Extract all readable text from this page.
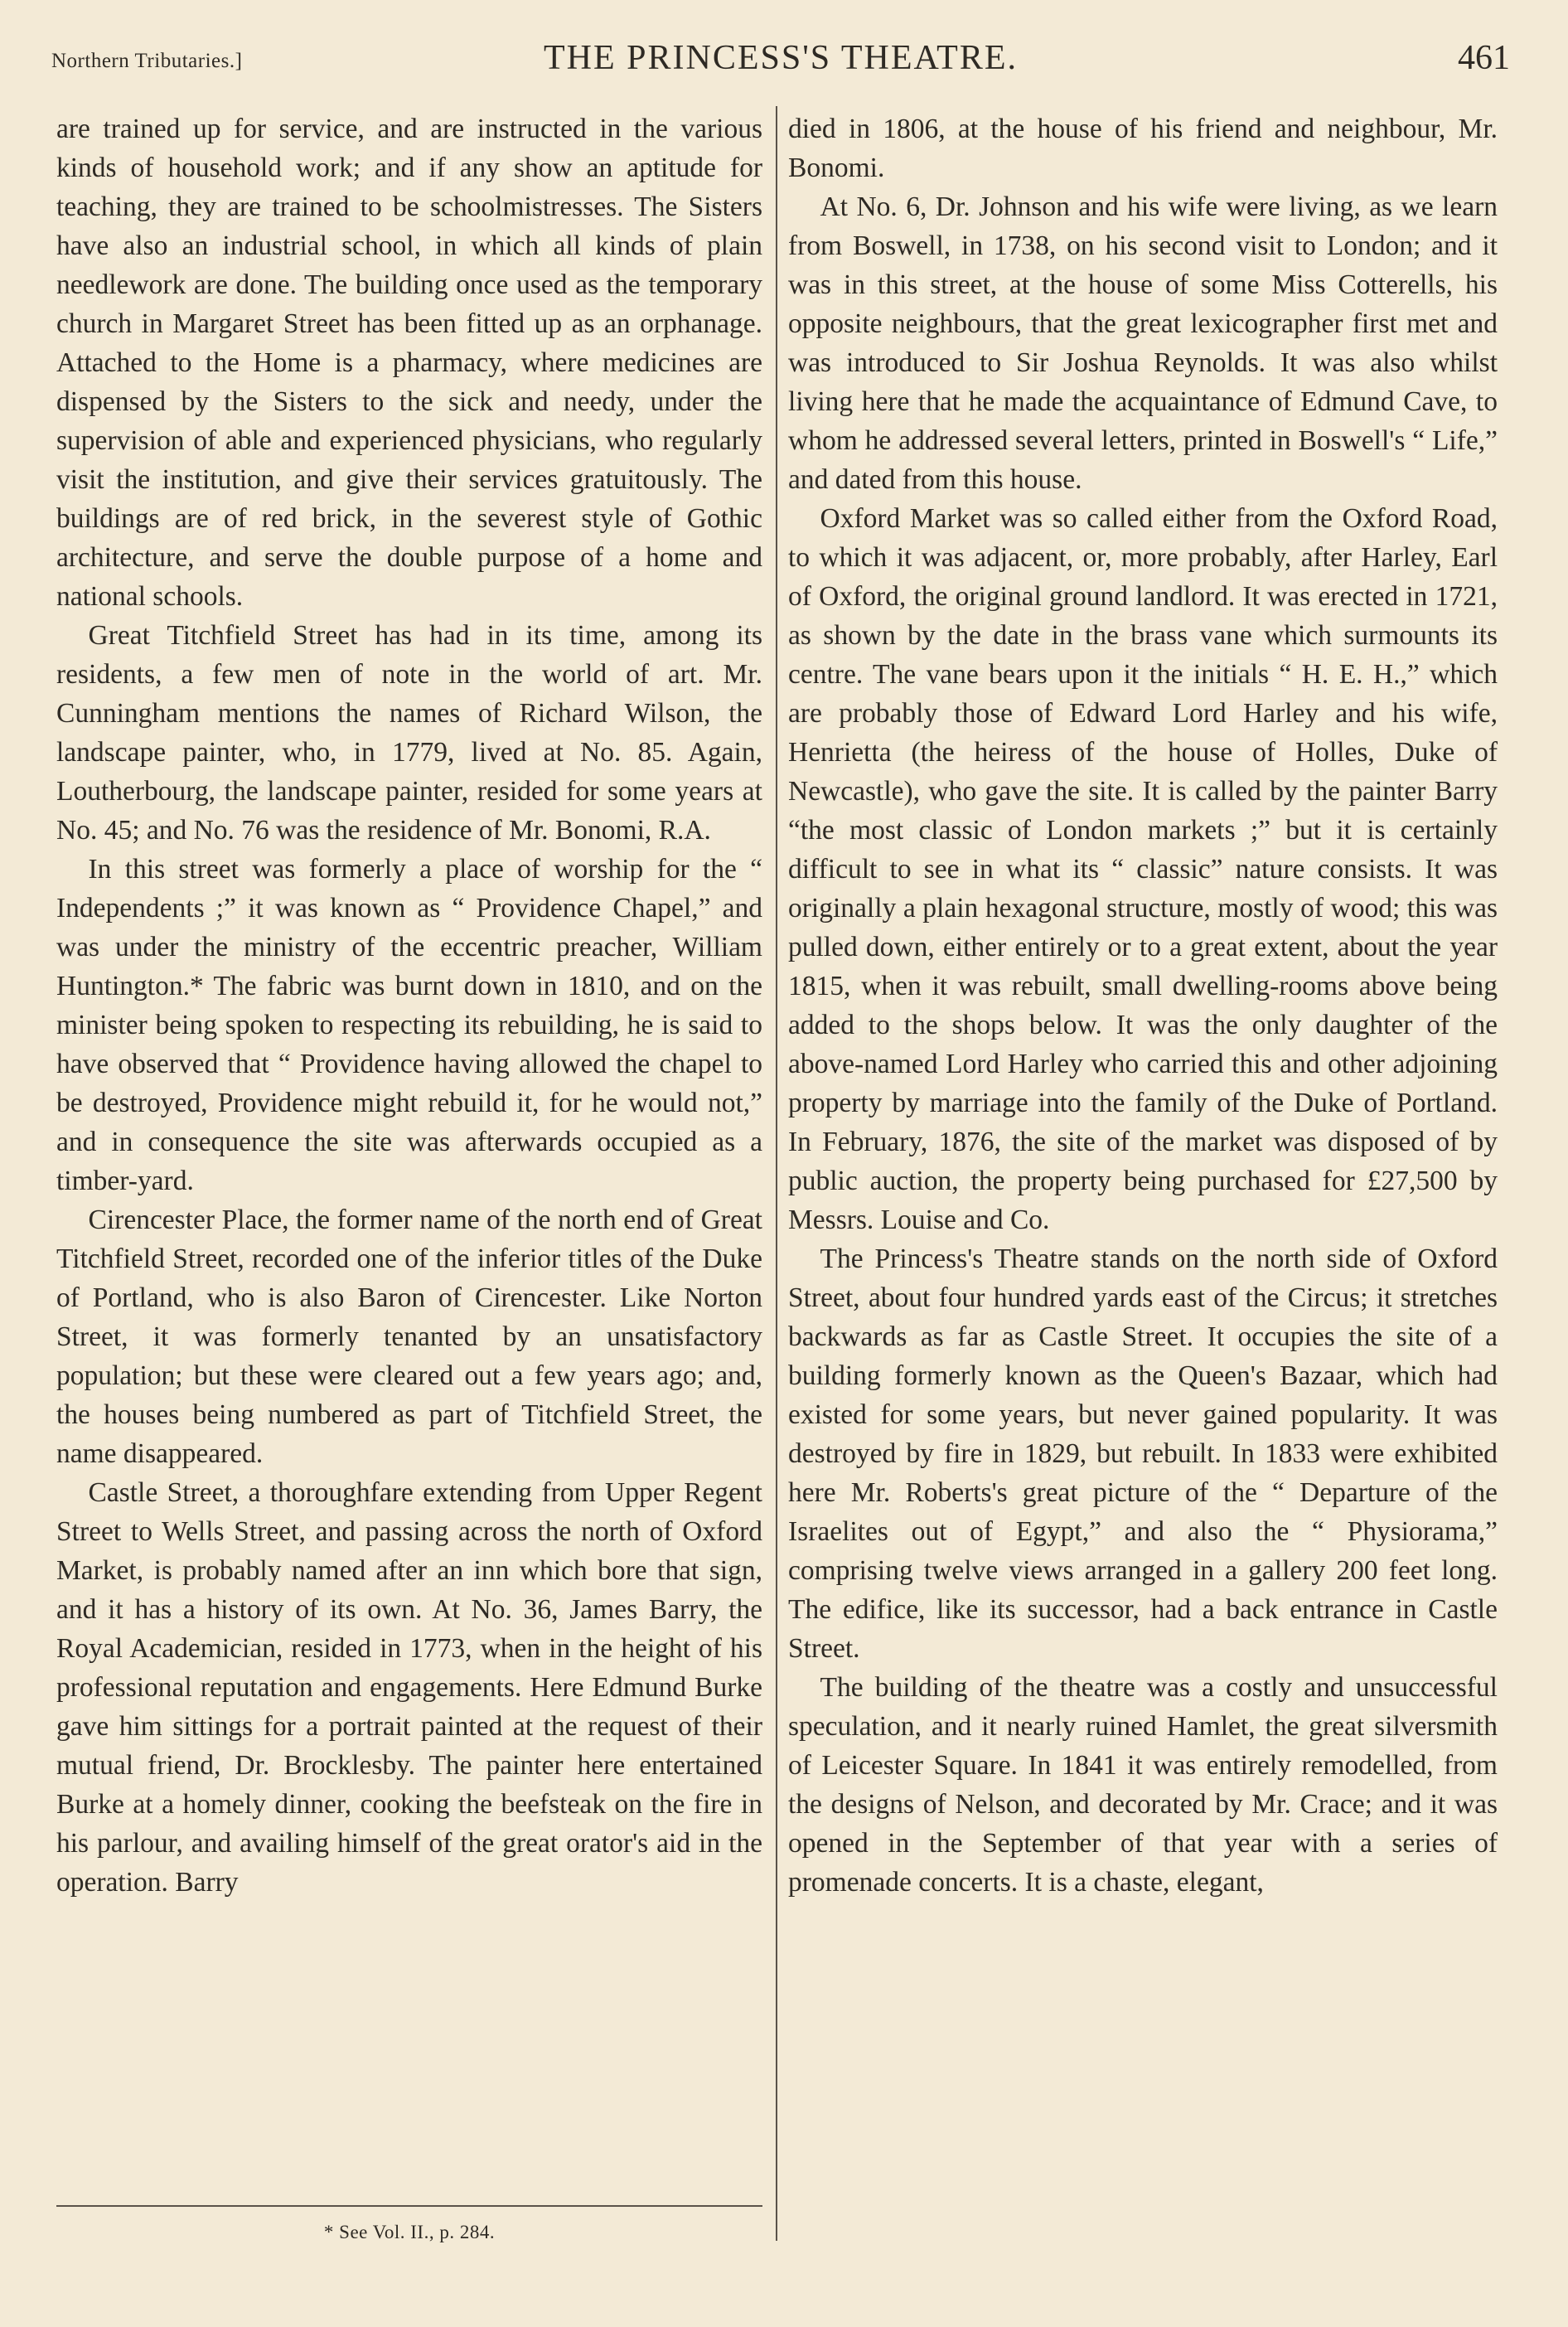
Northern Tributaries.]	THE PRINCESS'S THEATRE.	461

are trained up for service, and are instructed in the various kinds of household work; and if any show an aptitude for teaching, they are trained to be schoolmistresses. The Sisters have also an industrial school, in which all kinds of plain needlework are done. The building once used as the temporary church in Margaret Street has been fitted up as an orphanage. Attached to the Home is a pharmacy, where medicines are dispensed by the Sisters to the sick and needy, under the supervision of able and experienced physicians, who regularly visit the institution, and give their services gratuitously. The buildings are of red brick, in the severest style of Gothic architecture, and serve the double purpose of a home and national schools.

Great Titchfield Street has had in its time, among its residents, a few men of note in the world of art. Mr. Cunningham mentions the names of Richard Wilson, the landscape painter, who, in 1779, lived at No. 85. Again, Loutherbourg, the landscape painter, resided for some years at No. 45; and No. 76 was the residence of Mr. Bonomi, R.A.

In this street was formerly a place of worship for the “ Independents ;” it was known as “ Providence Chapel,” and was under the ministry of the eccentric preacher, William Huntington.* The fabric was burnt down in 1810, and on the minister being spoken to respecting its rebuilding, he is said to have observed that “ Providence having allowed the chapel to be destroyed, Providence might rebuild it, for he would not,” and in consequence the site was afterwards occupied as a timber-yard.

Cirencester Place, the former name of the north end of Great Titchfield Street, recorded one of the inferior titles of the Duke of Portland, who is also Baron of Cirencester. Like Norton Street, it was formerly tenanted by an unsatisfactory population; but these were cleared out a few years ago; and, the houses being numbered as part of Titchfield Street, the name disappeared.

Castle Street, a thoroughfare extending from Upper Regent Street to Wells Street, and passing across the north of Oxford Market, is probably named after an inn which bore that sign, and it has a history of its own. At No. 36, James Barry, the Royal Academician, resided in 1773, when in the height of his professional reputation and engagements. Here Edmund Burke gave him sittings for a portrait painted at the request of their mutual friend, Dr. Brocklesby. The painter here entertained Burke at a homely dinner, cooking the beefsteak on the fire in his parlour, and availing himself of the great orator's aid in the operation. Barry

died in 1806, at the house of his friend and neighbour, Mr. Bonomi.

At No. 6, Dr. Johnson and his wife were living, as we learn from Boswell, in 1738, on his second visit to London; and it was in this street, at the house of some Miss Cotterells, his opposite neighbours, that the great lexicographer first met and was introduced to Sir Joshua Reynolds. It was also whilst living here that he made the acquaintance of Edmund Cave, to whom he addressed several letters, printed in Boswell's “ Life,” and dated from this house.

Oxford Market was so called either from the Oxford Road, to which it was adjacent, or, more probably, after Harley, Earl of Oxford, the original ground landlord. It was erected in 1721, as shown by the date in the brass vane which surmounts its centre. The vane bears upon it the initials “ H. E. H.,” which are probably those of Edward Lord Harley and his wife, Henrietta (the heiress of the house of Holles, Duke of Newcastle), who gave the site. It is called by the painter Barry “the most classic of London markets ;” but it is certainly difficult to see in what its “ classic” nature consists. It was originally a plain hexagonal structure, mostly of wood; this was pulled down, either entirely or to a great extent, about the year 1815, when it was rebuilt, small dwelling-rooms above being added to the shops below. It was the only daughter of the above-named Lord Harley who carried this and other adjoining property by marriage into the family of the Duke of Portland. In February, 1876, the site of the market was disposed of by public auction, the property being purchased for £27,500 by Messrs. Louise and Co.

The Princess's Theatre stands on the north side of Oxford Street, about four hundred yards east of the Circus; it stretches backwards as far as Castle Street. It occupies the site of a building formerly known as the Queen's Bazaar, which had existed for some years, but never gained popularity. It was destroyed by fire in 1829, but rebuilt. In 1833 were exhibited here Mr. Roberts's great picture of the “ Departure of the Israelites out of Egypt,” and also the “ Physiorama,” comprising twelve views arranged in a gallery 200 feet long. The edifice, like its successor, had a back entrance in Castle Street.

The building of the theatre was a costly and unsuccessful speculation, and it nearly ruined Hamlet, the great silversmith of Leicester Square. In 1841 it was entirely remodelled, from the designs of Nelson, and decorated by Mr. Crace; and it was opened in the September of that year with a series of promenade concerts. It is a chaste, elegant,

* See Vol. II., p. 284.
